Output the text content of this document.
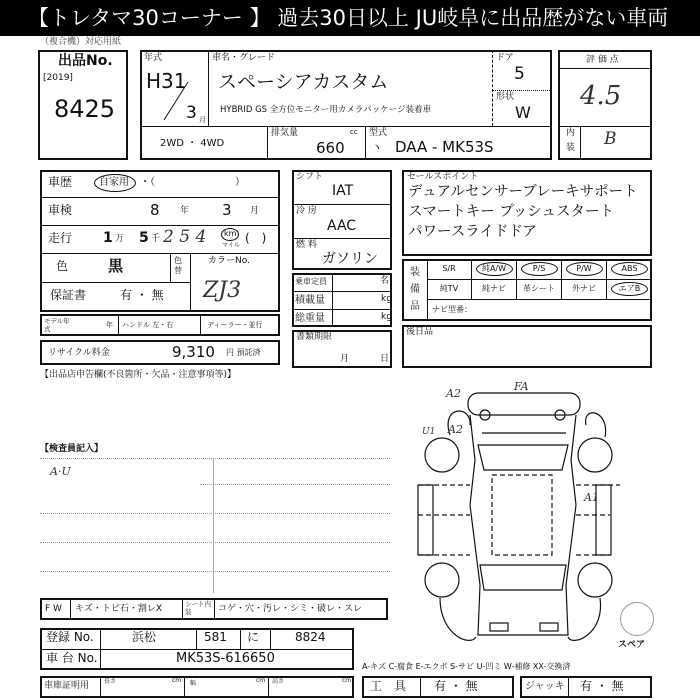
【トレタマ30コーナー 】 過去30日以上 JU岐阜に出品歴がない車両
（複合機）対応用紙
出品No.
[2019]
8425
年式
H31
3 月
車名・グレード
スペーシアカスタム
HYBRID GS 全方位モニター用カメラパッケージ装着車
ドア
5
形状
W
2WD ・ 4WD
排気量	cc
660
型式
ヽ DAA - MK53S
評 価 点
4.5
内
装 B
車歴	自家用 ・（　　　　　　　　）
車検	8 年 3 月
走行 1 万 5 千 2 5 4 km
マイル
(　)
色	黒	色替
カラーNo.
ZJ3
保証書	有 ・ 無
モデル年式	年 ハンドル 左・右	ディーラー・並行
リサイクル料金	9,310 円 預託済
【出品店申告欄(不良箇所・欠品・注意事項等)】
シフト
IAT
冷 房
AAC
燃 料
ガソリン
乗車定員	名
積載量	kg
総重量	kg
書類期限
月	日
セールスポイント
デュアルセンサーブレーキサポート
スマートキー プッシュスタート
パワースライドドア
装備品
S/R	純A/W	P/S	P/W	ABS
純TV	純ナビ	革シート	外ナビ	エアB
ナビ型番：
後日品
【検査員記入】
A·U
A2
FA
A2
U1
A1
スペア
F W キズ・トビ石・割レX	シート内装	コゲ・穴・汚レ・シミ・破レ・スレ
登録 No.	浜松	581 に	8824
車 台 No.	MK53S-616650
車庫証明用 長さ	cm 幅	cm 高さ	cm
A-キズ C-腐食 E-エクボ S-サビ U-凹ミ W-補修 XX-交換済
工　具 有 ・ 無	ジャッキ 有 ・ 無
